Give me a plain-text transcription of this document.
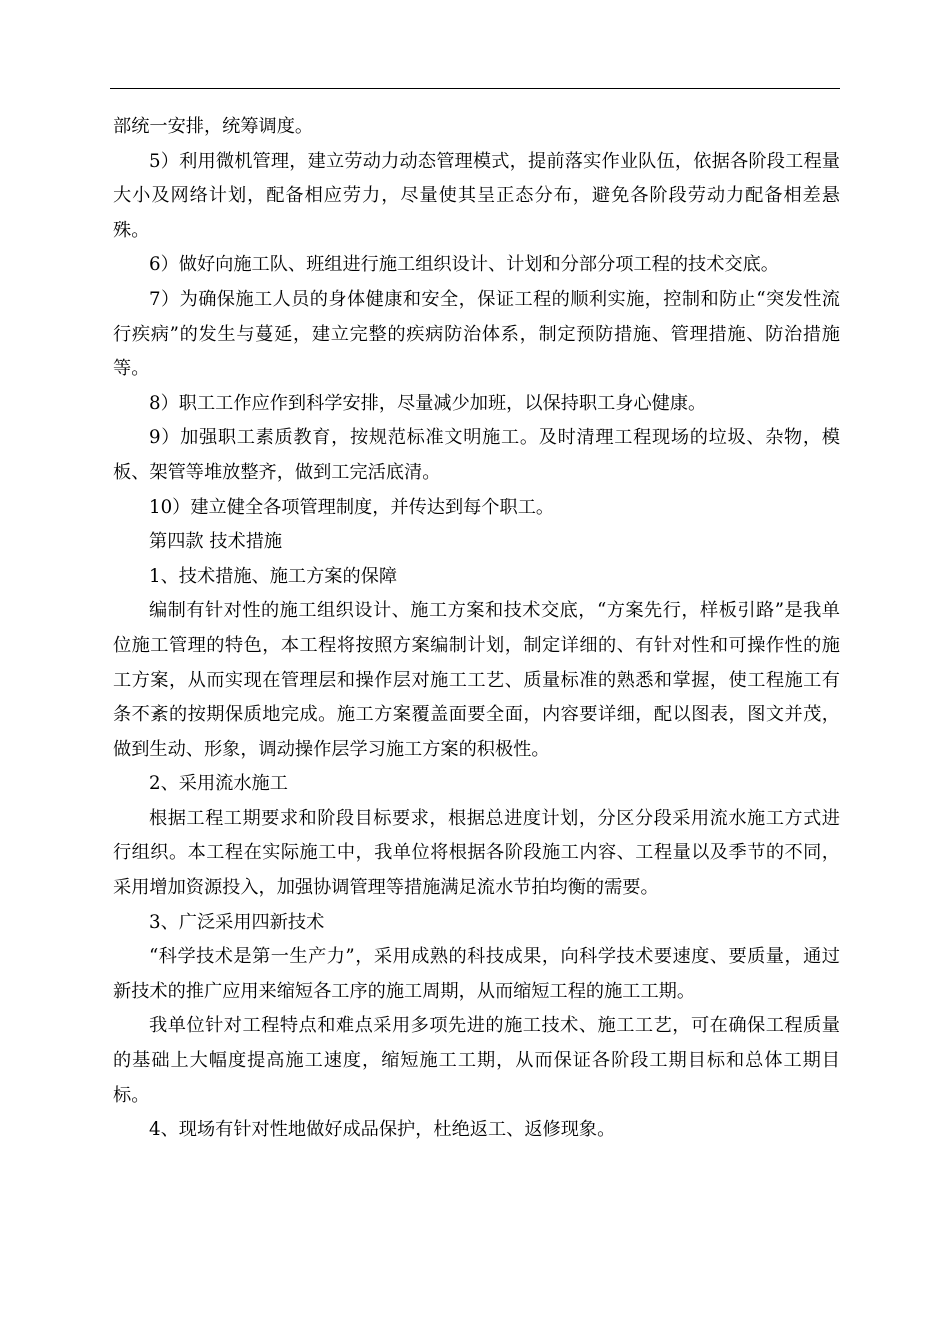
部统一安排，统筹调度。

5）利用微机管理，建立劳动力动态管理模式，提前落实作业队伍，依据各阶段工程量大小及网络计划，配备相应劳力，尽量使其呈正态分布，避免各阶段劳动力配备相差悬殊。

6）做好向施工队、班组进行施工组织设计、计划和分部分项工程的技术交底。

7）为确保施工人员的身体健康和安全，保证工程的顺利实施，控制和防止“突发性流行疾病”的发生与蔓延，建立完整的疾病防治体系，制定预防措施、管理措施、防治措施等。

8）职工工作应作到科学安排，尽量减少加班，以保持职工身心健康。

9）加强职工素质教育，按规范标准文明施工。及时清理工程现场的垃圾、杂物，模板、架管等堆放整齐，做到工完活底清。

10）建立健全各项管理制度，并传达到每个职工。

第四款 技术措施

1、技术措施、施工方案的保障

编制有针对性的施工组织设计、施工方案和技术交底，“方案先行，样板引路”是我单位施工管理的特色，本工程将按照方案编制计划，制定详细的、有针对性和可操作性的施工方案，从而实现在管理层和操作层对施工工艺、质量标准的熟悉和掌握，使工程施工有条不紊的按期保质地完成。施工方案覆盖面要全面，内容要详细，配以图表，图文并茂，做到生动、形象，调动操作层学习施工方案的积极性。

2、采用流水施工

根据工程工期要求和阶段目标要求，根据总进度计划，分区分段采用流水施工方式进行组织。本工程在实际施工中，我单位将根据各阶段施工内容、工程量以及季节的不同，采用增加资源投入，加强协调管理等措施满足流水节拍均衡的需要。

3、广泛采用四新技术

“科学技术是第一生产力”，采用成熟的科技成果，向科学技术要速度、要质量，通过新技术的推广应用来缩短各工序的施工周期，从而缩短工程的施工工期。

我单位针对工程特点和难点采用多项先进的施工技术、施工工艺，可在确保工程质量的基础上大幅度提高施工速度，缩短施工工期，从而保证各阶段工期目标和总体工期目标。

4、现场有针对性地做好成品保护，杜绝返工、返修现象。
